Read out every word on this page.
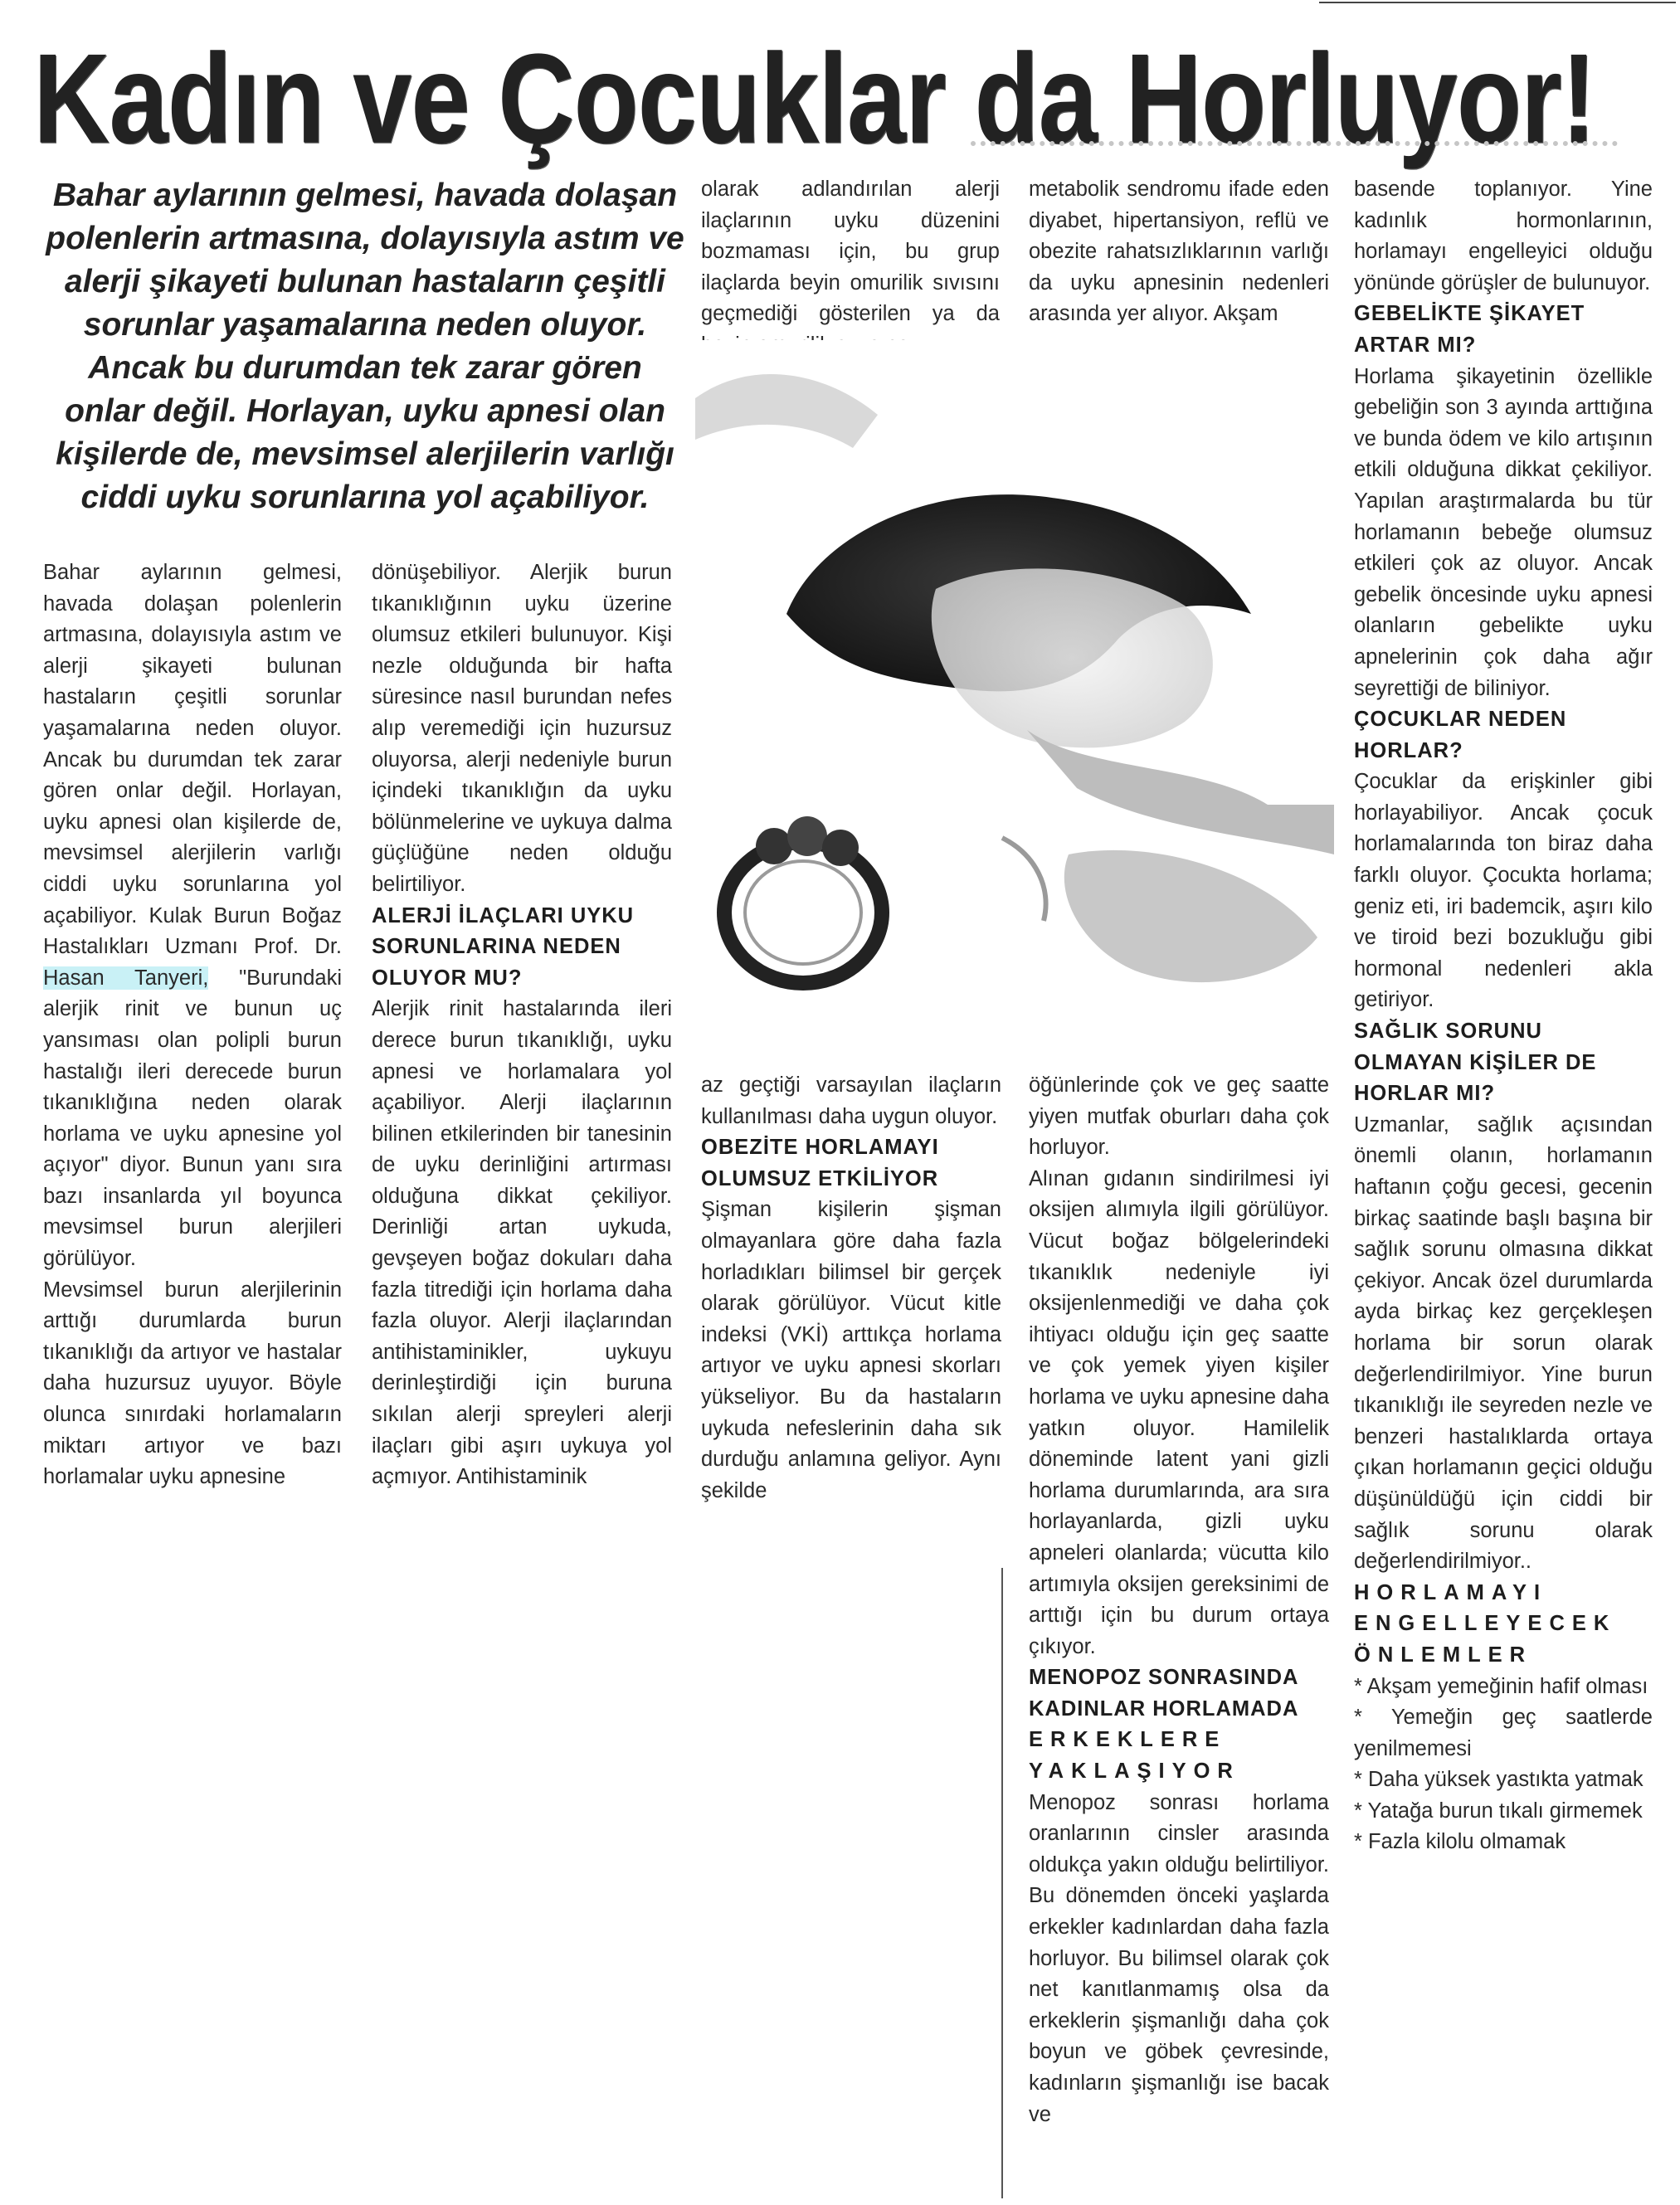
Kadın ve Çocuklar da Horluyor!
Bahar aylarının gelmesi, havada dolaşan polenlerin artmasına, dolayısıyla astım ve alerji şikayeti bulunan hastaların çeşitli sorunlar yaşamalarına neden oluyor. Ancak bu durumdan tek zarar gören onlar değil. Horlayan, uyku apnesi olan kişilerde de, mevsimsel alerjilerin varlığı ciddi uyku sorunlarına yol açabiliyor.

Bahar aylarının gelmesi, havada dolaşan polenlerin artmasına, dolayısıyla astım ve alerji şikayeti bulunan hastaların çeşitli sorunlar yaşamalarına neden oluyor. Ancak bu durumdan tek zarar gören onlar değil. Horlayan, uyku apnesi olan kişilerde de, mevsimsel alerjilerin varlığı ciddi uyku sorunlarına yol açabiliyor. Kulak Burun Boğaz Hastalıkları Uzmanı Prof. Dr. Hasan Tanyeri, "Burundaki alerjik rinit ve bunun uç yansıması olan polipli burun hastalığı ileri derecede burun tıkanıklığına neden olarak horlama ve uyku apnesine yol açıyor" diyor. Bunun yanı sıra bazı insanlarda yıl boyunca mevsimsel burun alerjileri görülüyor.

Mevsimsel burun alerjilerinin arttığı durumlarda burun tıkanıklığı da artıyor ve hastalar daha huzursuz uyuyor. Böyle olunca sınırdaki horlamaların miktarı artıyor ve bazı horlamalar uyku apnesine

dönüşebiliyor. Alerjik burun tıkanıklığının uyku üzerine olumsuz etkileri bulunuyor. Kişi nezle olduğunda bir hafta süresince nasıl burundan nefes alıp veremediği için huzursuz oluyorsa, alerji nedeniyle burun içindeki tıkanıklığın da uyku bölünmelerine ve uykuya dalma güçlüğüne neden olduğu belirtiliyor.

ALERJİ İLAÇLARI UYKU SORUNLARINA NEDEN OLUYOR MU?

Alerjik rinit hastalarında ileri derece burun tıkanıklığı, uyku apnesi ve horlamalara yol açabiliyor. Alerji ilaçlarının bilinen etkilerinden bir tanesinin de uyku derinliğini artırması olduğuna dikkat çekiliyor. Derinliği artan uykuda, gevşeyen boğaz dokuları daha fazla titrediği için horlama daha fazla oluyor. Alerji ilaçlarından antihistaminikler, uykuyu derinleştirdiği için buruna sıkılan alerji spreyleri alerji ilaçları gibi aşırı uykuya yol açmıyor. Antihistaminik

olarak adlandırılan alerji ilaçlarının uyku düzenini bozmaması için, bu grup ilaçlarda beyin omurilik sıvısını geçmediği gösterilen ya da

az geçtiği varsayılan ilaçların kullanılması daha uygun oluyor.

OBEZİTE HORLAMAYI OLUMSUZ ETKİLİYOR

Şişman kişilerin şişman olmayanlara göre daha fazla horladıkları bilimsel bir gerçek olarak görülüyor. Vücut kitle indeksi (VKİ) arttıkça horlama artıyor ve uyku apnesi skorları yükseliyor. Bu da hastaların uykuda nefeslerinin daha sık durduğu anlamına geliyor. Aynı şekilde

metabolik sendromu ifade eden diyabet, hipertansiyon, reflü ve obezite rahatsızlıklarının varlığı da uyku apnesinin nedenleri arasında yer alıyor. Akşam

öğünlerinde çok ve geç saatte yiyen mutfak oburları daha çok horluyor.

Alınan gıdanın sindirilmesi iyi oksijen alımıyla ilgili görülüyor. Vücut boğaz bölgelerindeki tıkanıklık nedeniyle iyi oksijenlenmediği ve daha çok ihtiyacı olduğu için geç saatte ve çok yemek yiyen kişiler horlama ve uyku apnesine daha yatkın oluyor. Hamilelik döneminde latent yani gizli horlama durumlarında, ara sıra horlayanlarda, gizli uyku apneleri olanlarda; vücutta kilo artımıyla oksijen gereksinimi de arttığı için bu durum ortaya çıkıyor.

MENOPOZ SONRASINDA KADINLAR HORLAMADA

ERKEKLERE YAKLAŞIYOR

Menopoz sonrası horlama oranlarının cinsler arasında oldukça yakın olduğu belirtiliyor. Bu dönemden önceki yaşlarda erkekler kadınlardan daha fazla horluyor. Bu bilimsel olarak çok net kanıtlanmamış olsa da erkeklerin şişmanlığı daha çok boyun ve göbek çevresinde, kadınların şişmanlığı ise bacak ve

basende toplanıyor. Yine kadınlık hormonlarının, horlamayı engelleyici olduğu yönünde görüşler de bulunuyor.

GEBELİKTE ŞİKAYET ARTAR MI?

Horlama şikayetinin özellikle gebeliğin son 3 ayında arttığına ve bunda ödem ve kilo artışının etkili olduğuna dikkat çekiliyor. Yapılan araştırmalarda bu tür horlamanın bebeğe olumsuz etkileri çok az oluyor. Ancak gebelik öncesinde uyku apnesi olanların gebelikte uyku apnelerinin çok daha ağır seyrettiği de biliniyor.

ÇOCUKLAR NEDEN HORLAR?

Çocuklar da erişkinler gibi horlayabiliyor. Ancak çocuk horlamalarında ton biraz daha farklı oluyor. Çocukta horlama; geniz eti, iri bademcik, aşırı kilo ve tiroid bezi bozukluğu gibi hormonal nedenleri akla getiriyor.

SAĞLIK SORUNU OLMAYAN KİŞİLER DE HORLAR MI?

Uzmanlar, sağlık açısından önemli olanın, horlamanın haftanın çoğu gecesi, gecenin birkaç saatinde başlı başına bir sağlık sorunu olmasına dikkat çekiyor. Ancak özel durumlarda ayda birkaç kez gerçekleşen horlama bir sorun olarak değerlendirilmiyor. Yine burun tıkanıklığı ile seyreden nezle ve benzeri hastalıklarda ortaya çıkan horlamanın geçici olduğu düşünüldüğü için ciddi bir sağlık sorunu olarak değerlendirilmiyor..

HORLAMAYI ENGELLEYECEK ÖNLEMLER

* Akşam yemeğinin hafif olması

* Yemeğin geç saatlerde yenilmemesi

* Daha yüksek yastıkta yatmak

* Yatağa burun tıkalı girmemek

* Fazla kilolu olmamak
